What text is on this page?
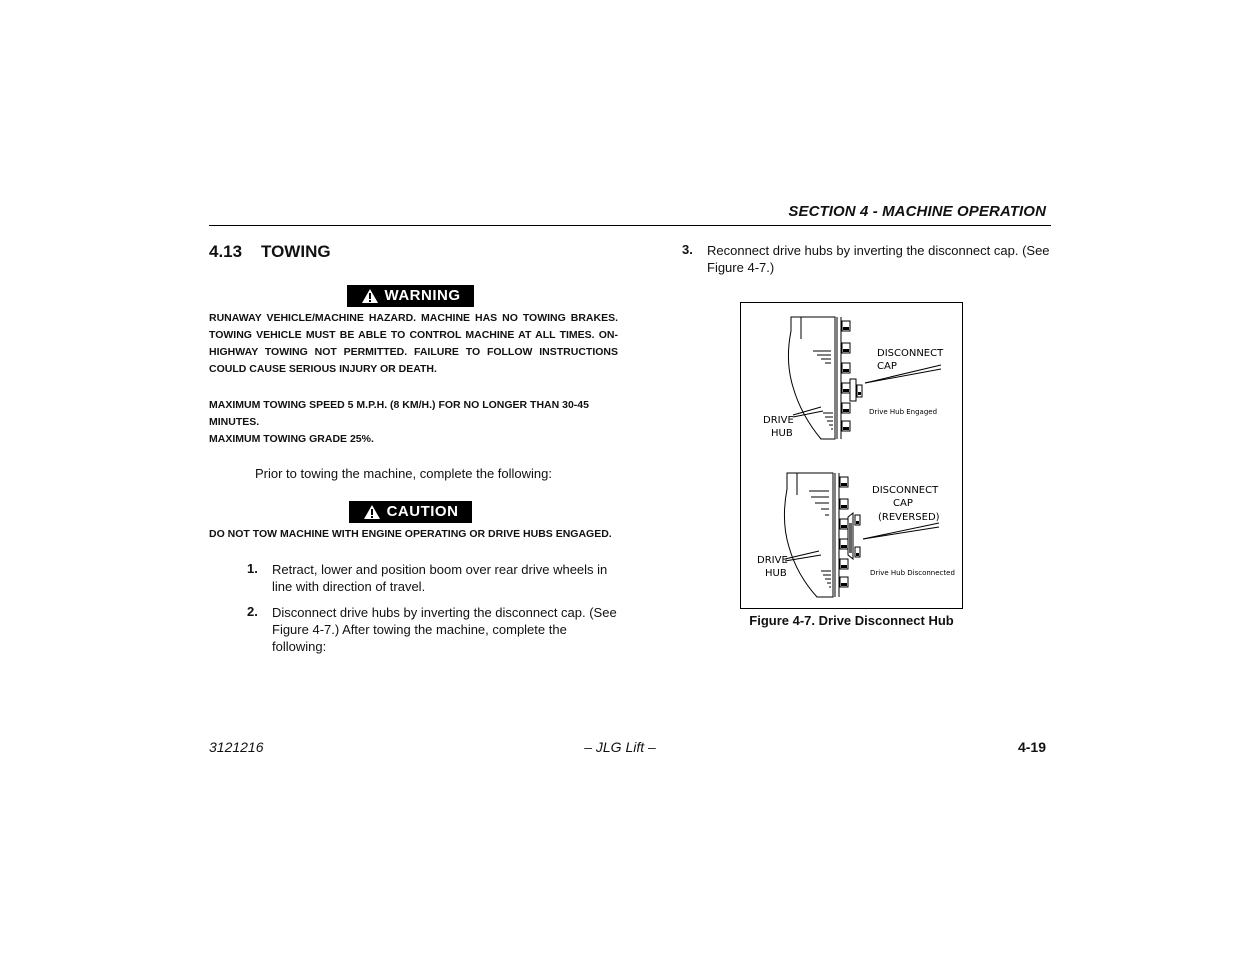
SECTION 4 - MACHINE OPERATION
4.13 TOWING
WARNING
RUNAWAY VEHICLE/MACHINE HAZARD. MACHINE HAS NO TOWING BRAKES. TOWING VEHICLE MUST BE ABLE TO CONTROL MACHINE AT ALL TIMES. ON-HIGHWAY TOWING NOT PERMITTED. FAILURE TO FOLLOW INSTRUCTIONS COULD CAUSE SERIOUS INJURY OR DEATH.
MAXIMUM TOWING SPEED 5 M.P.H. (8 KM/H.) FOR NO LONGER THAN 30-45 MINUTES.
MAXIMUM TOWING GRADE 25%.
Prior to towing the machine, complete the following:
CAUTION
DO NOT TOW MACHINE WITH ENGINE OPERATING OR DRIVE HUBS ENGAGED.
1.	Retract, lower and position boom over rear drive wheels in line with direction of travel.
2.	Disconnect drive hubs by inverting the disconnect cap. (See Figure 4-7.) After towing the machine, complete the following:
3.	Reconnect drive hubs by inverting the disconnect cap. (See Figure 4-7.)
DISCONNECT
CAP
DRIVE
HUB
Drive Hub Engaged
DISCONNECT
CAP
(REVERSED)
DRIVE
HUB	Drive Hub Disconnected
Figure 4-7. Drive Disconnect Hub
3121216	– JLG Lift –	4-19
